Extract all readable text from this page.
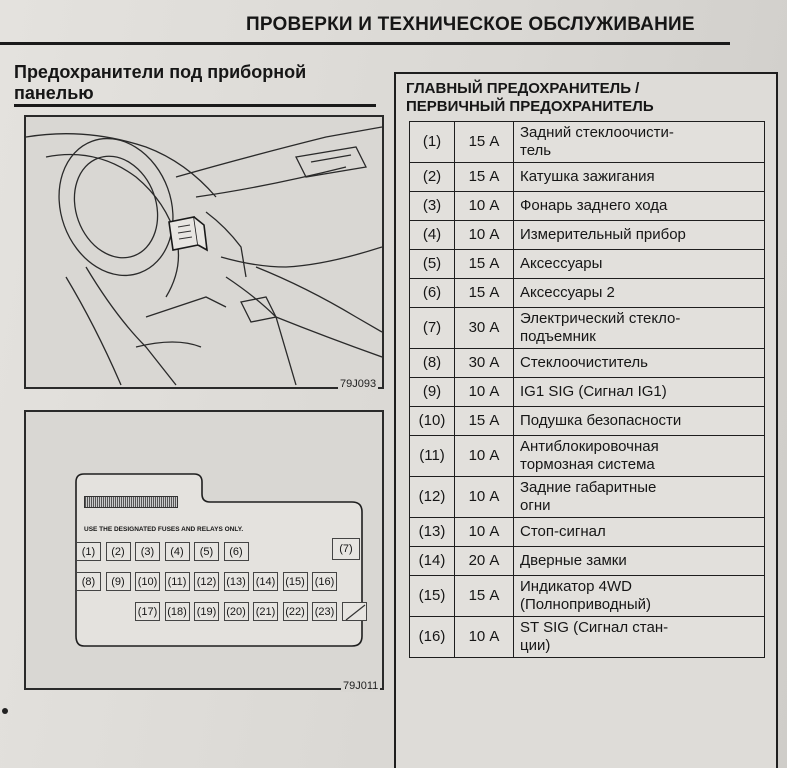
ПРОВЕРКИ И ТЕХНИЧЕСКОЕ ОБСЛУЖИВАНИЕ
Предохранители под приборной
панелью
79J093
USE THE DESIGNATED FUSES AND RELAYS ONLY.
(1)	(2)	(3)	(4)	(5)	(6)	(7)
(8)	(9)	(10) (11) (12) (13) (14) (15) (16)
(17) (18) (19) (20) (21) (22) (23)
79J011
ГЛАВНЫЙ ПРЕДОХРАНИТЕЛЬ /
ПЕРВИЧНЫЙ ПРЕДОХРАНИТЕЛЬ
(1)	15 А	Задний стеклоочисти-
тель

(2)	15 А	Катушка зажигания

(3)	10 А	Фонарь заднего хода

(4)	10 А	Измерительный прибор

(5)	15 А	Аксессуары

(6)	15 А	Аксессуары 2

(7)	30 А	Электрический стекло-
подъемник

(8)	30 А	Стеклоочиститель

(9)	10 А	IG1 SIG (Сигнал IG1)

(10)	15 А	Подушка безопасности

(11)	10 А	Антиблокировочная
тормозная система

(12)	10 А	Задние габаритные
огни

(13)	10 А	Стоп-сигнал

(14)	20 А	Дверные замки

(15)	15 А	Индикатор 4WD
(Полноприводный)

(16)	10 А	ST SIG (Сигнал стан-
ции)
